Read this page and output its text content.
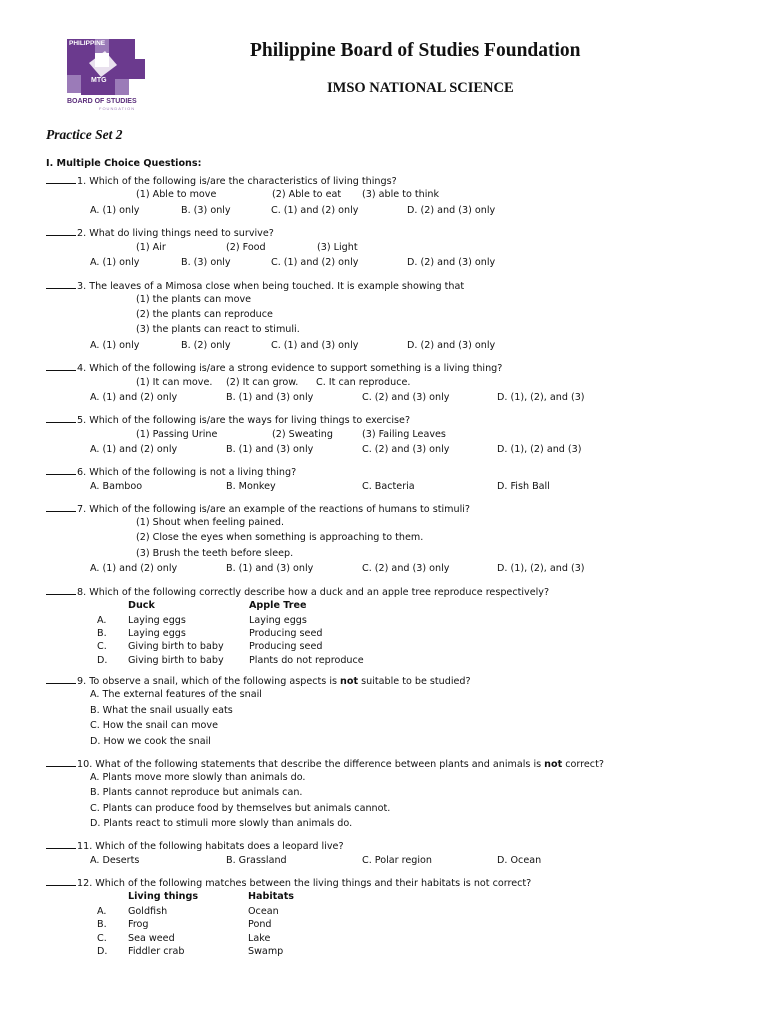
PHILIPPINE
MTG
BOARD OF STUDIES
FOUNDATION
Philippine Board of Studies Foundation
IMSO NATIONAL SCIENCE
Practice Set 2
I. Multiple Choice Questions:
1. Which of the following is/are the characteristics of living things?
(1) Able to move	(2) Able to eat (3) able to think
A. (1) only	B. (3) only	C. (1) and (2) only	D. (2) and (3) only
2. What do living things need to survive?
(1) Air	(2) Food	(3) Light
A. (1) only	B. (3) only	C. (1) and (2) only	D. (2) and (3) only
3. The leaves of a Mimosa close when being touched. It is example showing that
(1) the plants can move
(2) the plants can reproduce
(3) the plants can react to stimuli.
A. (1) only	B. (2) only	C. (1) and (3) only	D. (2) and (3) only
4. Which of the following is/are a strong evidence to support something is a living thing?
(1) It can move. (2) It can grow. C. It can reproduce.
A. (1) and (2) only	B. (1) and (3) only	C. (2) and (3) only	D. (1), (2), and (3)
5. Which of the following is/are the ways for living things to exercise?
(1) Passing Urine	(2) Sweating	(3) Failing Leaves
A. (1) and (2) only	B. (1) and (3) only	C. (2) and (3) only	D. (1), (2) and (3)
6. Which of the following is not a living thing?
A. Bamboo	B. Monkey	C. Bacteria	D. Fish Ball
7. Which of the following is/are an example of the reactions of humans to stimuli?
(1) Shout when feeling pained.
(2) Close the eyes when something is approaching to them.
(3) Brush the teeth before sleep.
A. (1) and (2) only	B. (1) and (3) only	C. (2) and (3) only	D. (1), (2), and (3)
8. Which of the following correctly describe how a duck and an apple tree reproduce respectively?
Duck	Apple Tree
A. Laying eggs	Laying eggs
B. Laying eggs	Producing seed
C. Giving birth to baby	Producing seed
D. Giving birth to baby	Plants do not reproduce
9. To observe a snail, which of the following aspects is not suitable to be studied?
A. The external features of the snail
B. What the snail usually eats
C. How the snail can move
D. How we cook the snail
10. What of the following statements that describe the difference between plants and animals is not correct?
A. Plants move more slowly than animals do.
B. Plants cannot reproduce but animals can.
C. Plants can produce food by themselves but animals cannot.
D. Plants react to stimuli more slowly than animals do.
11. Which of the following habitats does a leopard live?
A. Deserts	B. Grassland	C. Polar region	D. Ocean
12. Which of the following matches between the living things and their habitats is not correct?
Living things	Habitats
A. Goldfish	Ocean
B. Frog	Pond
C. Sea weed	Lake
D. Fiddler crab	Swamp
